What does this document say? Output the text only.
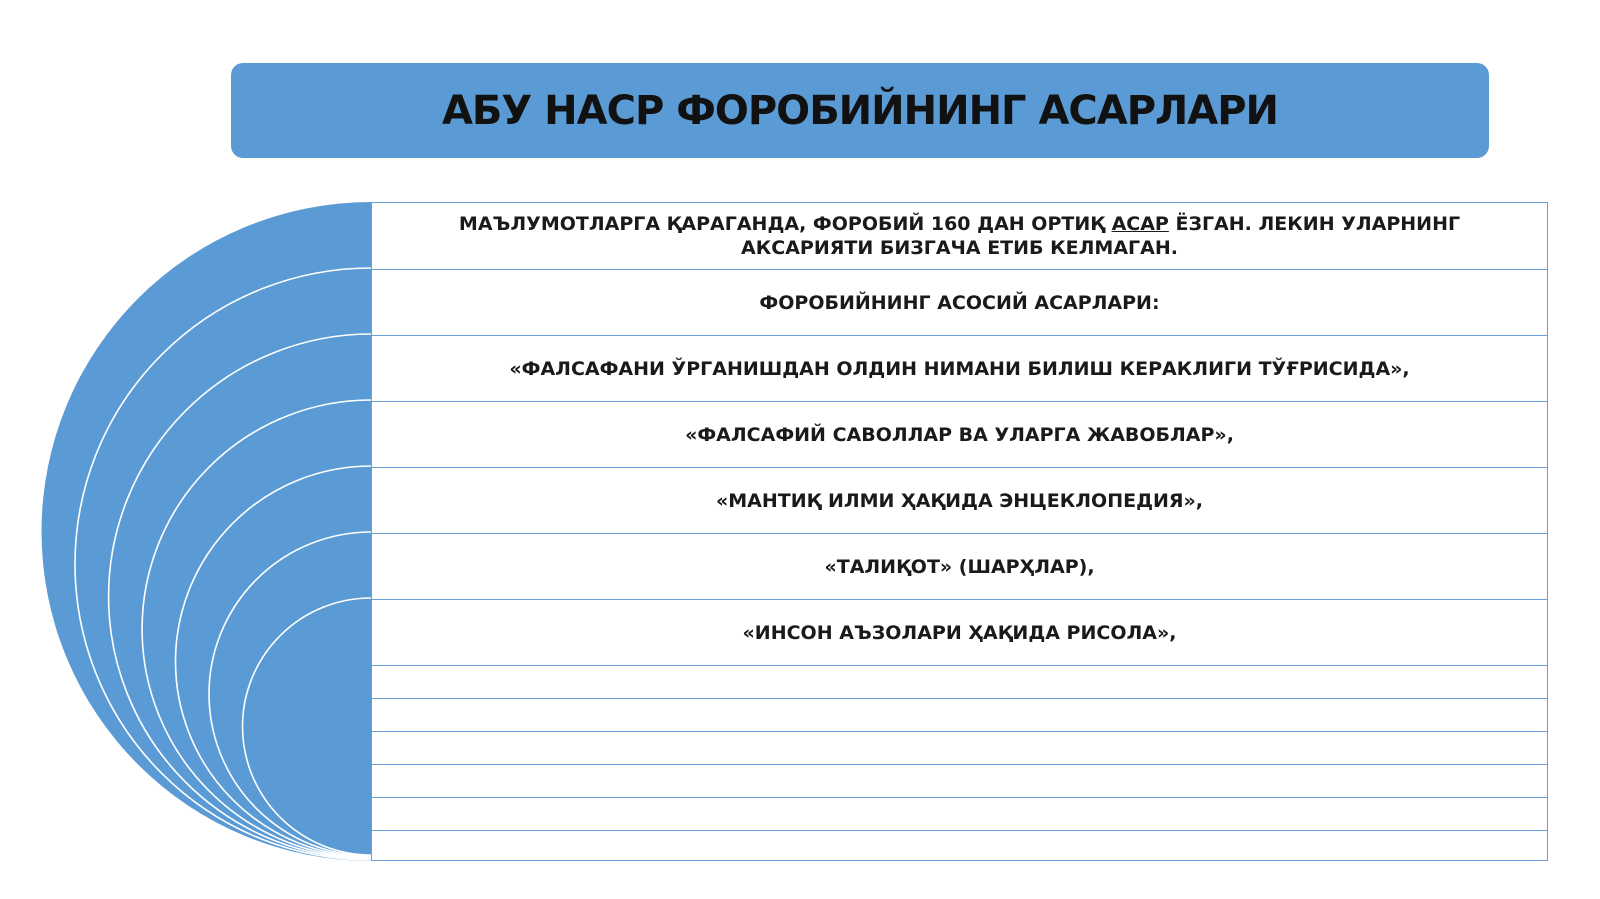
АБУ НАСР ФОРОБИЙНИНГ АСАРЛАРИ
МАЪЛУМОТЛАРГА ҚАРАГАНДА, ФОРОБИЙ 160 ДАН ОРТИҚ АСАР ЁЗГАН. ЛЕКИН УЛАРНИНГ АКСАРИЯТИ БИЗГАЧА ЕТИБ КЕЛМАГАН.
ФОРОБИЙНИНГ АСОСИЙ АСАРЛАРИ:
«ФАЛСАФАНИ ЎРГАНИШДАН ОЛДИН НИМАНИ БИЛИШ КЕРАКЛИГИ ТЎҒРИСИДА»,
«ФАЛСАФИЙ САВОЛЛАР ВА УЛАРГА ЖАВОБЛАР»,
«МАНТИҚ ИЛМИ ҲАҚИДА ЭНЦЕКЛОПЕДИЯ»,
«ТАЛИҚОТ» (ШАРҲЛАР),
«ИНСОН АЪЗОЛАРИ ҲАҚИДА РИСОЛА»,
